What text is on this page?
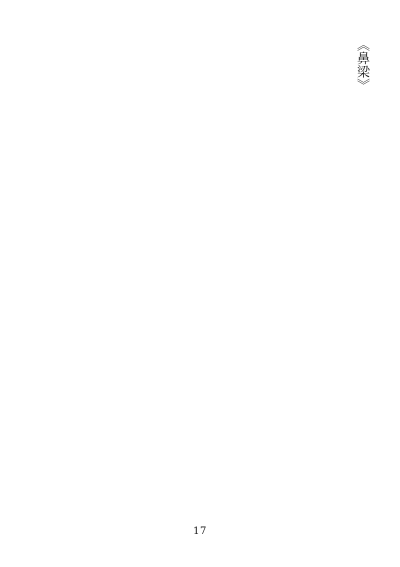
《鼻梁》
17
